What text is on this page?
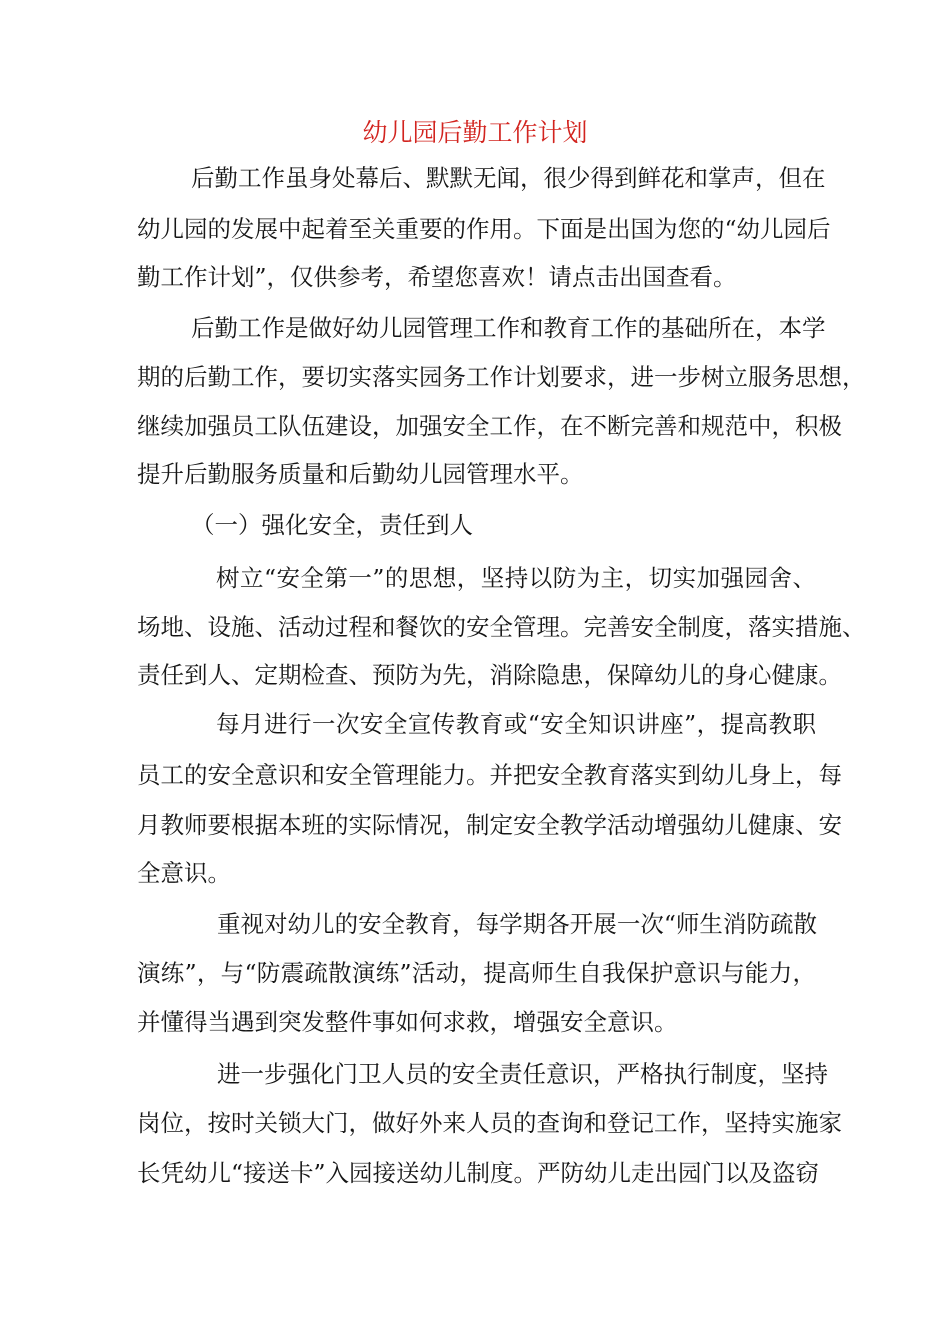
幼儿园后勤工作计划
后勤工作虽身处幕后、默默无闻，很少得到鲜花和掌声，但在
幼儿园的发展中起着至关重要的作用。下面是出国为您的“幼儿园后
勤工作计划”，仅供参考，希望您喜欢！请点击出国查看。
后勤工作是做好幼儿园管理工作和教育工作的基础所在，本学
期的后勤工作，要切实落实园务工作计划要求，进一步树立服务思想，
继续加强员工队伍建设，加强安全工作，在不断完善和规范中，积极
提升后勤服务质量和后勤幼儿园管理水平。
（一）强化安全，责任到人
树立“安全第一”的思想，坚持以防为主，切实加强园舍、
场地、设施、活动过程和餐饮的安全管理。完善安全制度，落实措施、
责任到人、定期检查、预防为先，消除隐患，保障幼儿的身心健康。
每月进行一次安全宣传教育或“安全知识讲座”，提高教职
员工的安全意识和安全管理能力。并把安全教育落实到幼儿身上，每
月教师要根据本班的实际情况，制定安全教学活动增强幼儿健康、安
全意识。
重视对幼儿的安全教育，每学期各开展一次“师生消防疏散
演练”，与“防震疏散演练”活动，提高师生自我保护意识与能力，
并懂得当遇到突发整件事如何求救，增强安全意识。
进一步强化门卫人员的安全责任意识，严格执行制度，坚持
岗位，按时关锁大门，做好外来人员的查询和登记工作，坚持实施家
长凭幼儿“接送卡”入园接送幼儿制度。严防幼儿走出园门以及盗窃
